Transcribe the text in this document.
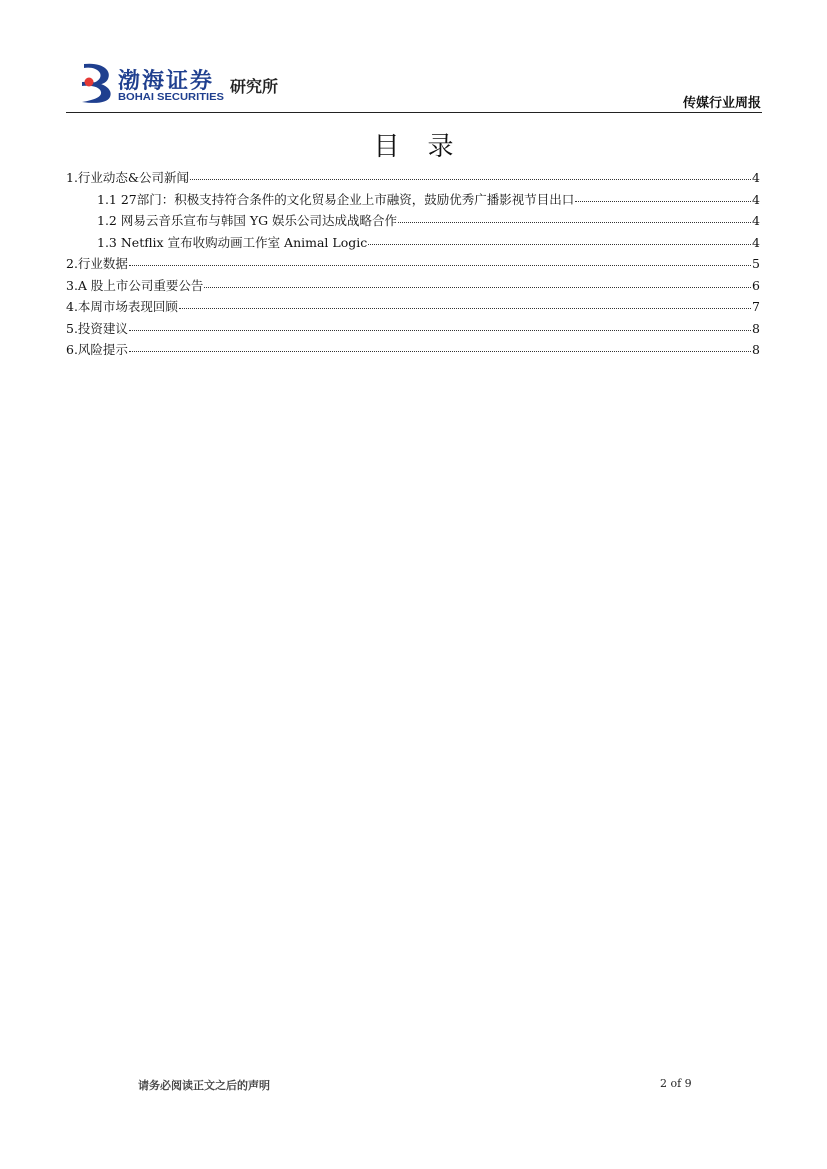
渤海证券
BOHAI SECURITIES
研究所
传媒行业周报
目录
1.行业动态&公司新闻	4
1.1 27部门：积极支持符合条件的文化贸易企业上市融资，鼓励优秀广播影视节目出口	4
1.2 网易云音乐宣布与韩国 YG 娱乐公司达成战略合作	4
1.3 Netflix 宣布收购动画工作室 Animal Logic	4
2.行业数据	5
3.A 股上市公司重要公告	6
4.本周市场表现回顾	7
5.投资建议	8
6.风险提示	8
请务必阅读正文之后的声明	2 of 9
